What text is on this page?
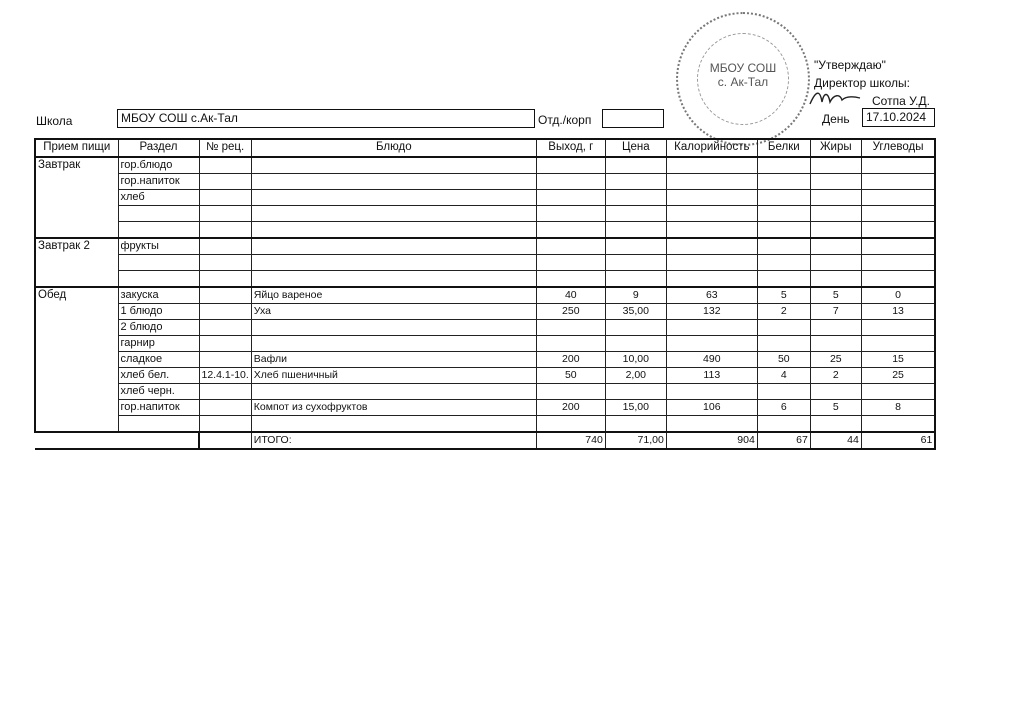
МБОУ СОШ
с. Ак-Тал
"Утверждаю"
Директор школы:
Сотпа У.Д.
День	17.10.2024
Школа	МБОУ СОШ с.Ак-Тал	Отд./корп
Прием пищи	Раздел	№ рец.	Блюдо	Выход, г	Цена	Калорийность	Белки	Жиры	Углеводы
Завтрак	гор.блюдо								
	гор.напиток								
	хлеб								

Завтрак 2	фрукты								

Обед	закуска		Яйцо вареное	40	9	63	5	5	0
	1 блюдо		Уха	250	35,00	132	2	7	13
	2 блюдо								
	гарнир								
	сладкое		Вафли	200	10,00	490	50	25	15
	хлеб бел.	12.4.1-10.	Хлеб пшеничный	50	2,00	113	4	2	25
	хлеб черн.								
	гор.напиток		Компот из сухофруктов	200	15,00	106	6	5	8

			ИТОГО:	740	71,00	904	67	44	61
